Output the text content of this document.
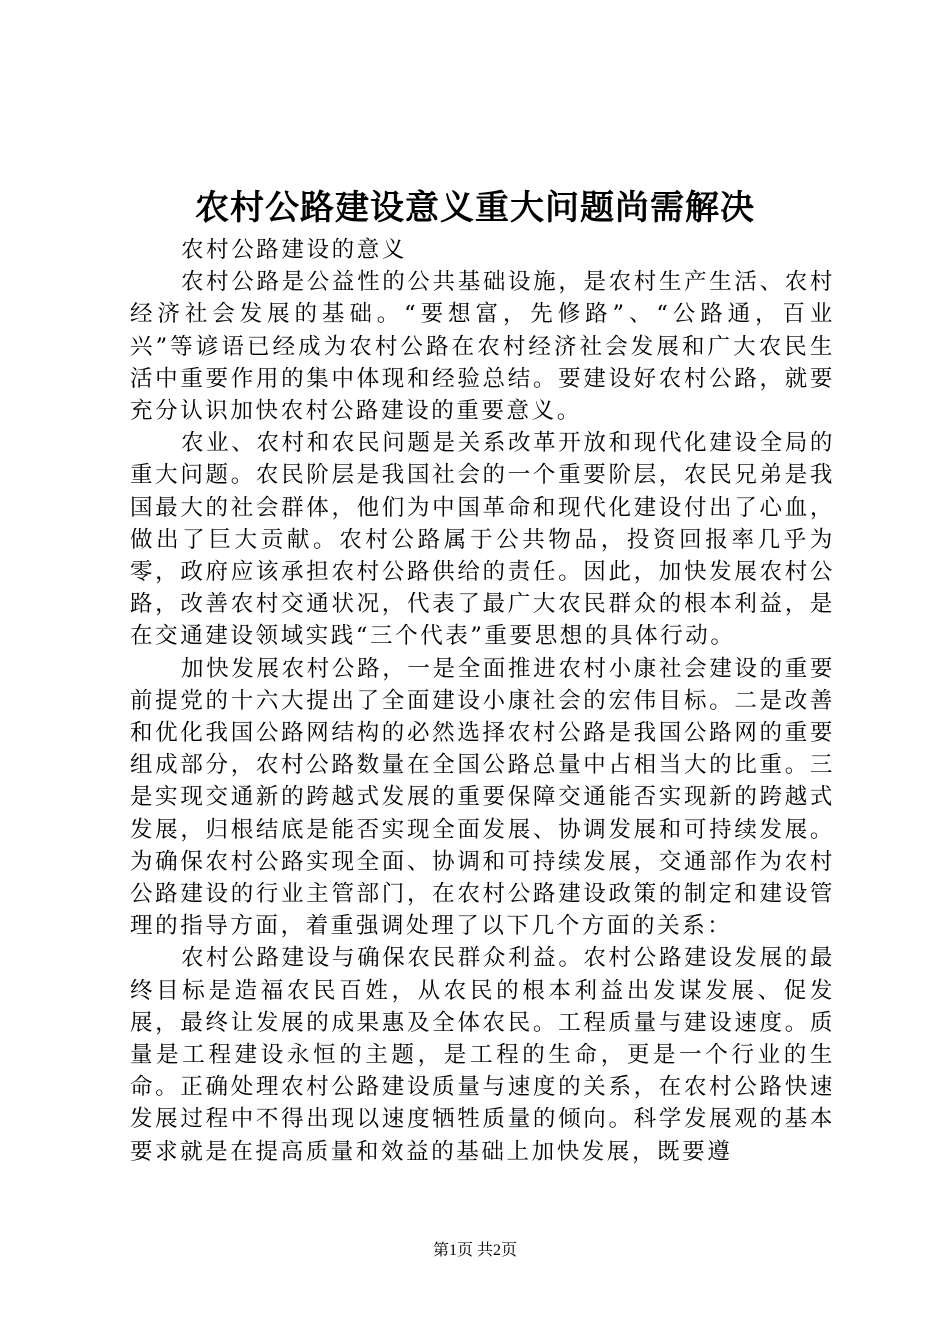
农村公路建设意义重大问题尚需解决

农村公路建设的意义

农村公路是公益性的公共基础设施，是农村生产生活、农村经济社会发展的基础。“要想富，先修路”、“公路通，百业兴”等谚语已经成为农村公路在农村经济社会发展和广大农民生活中重要作用的集中体现和经验总结。要建设好农村公路，就要充分认识加快农村公路建设的重要意义。

农业、农村和农民问题是关系改革开放和现代化建设全局的重大问题。农民阶层是我国社会的一个重要阶层，农民兄弟是我国最大的社会群体，他们为中国革命和现代化建设付出了心血，做出了巨大贡献。农村公路属于公共物品，投资回报率几乎为零，政府应该承担农村公路供给的责任。因此，加快发展农村公路，改善农村交通状况，代表了最广大农民群众的根本利益，是在交通建设领域实践“三个代表”重要思想的具体行动。

加快发展农村公路，一是全面推进农村小康社会建设的重要前提党的十六大提出了全面建设小康社会的宏伟目标。二是改善和优化我国公路网结构的必然选择农村公路是我国公路网的重要组成部分，农村公路数量在全国公路总量中占相当大的比重。三是实现交通新的跨越式发展的重要保障交通能否实现新的跨越式发展，归根结底是能否实现全面发展、协调发展和可持续发展。为确保农村公路实现全面、协调和可持续发展，交通部作为农村公路建设的行业主管部门，在农村公路建设政策的制定和建设管理的指导方面，着重强调处理了以下几个方面的关系：

农村公路建设与确保农民群众利益。农村公路建设发展的最终目标是造福农民百姓，从农民的根本利益出发谋发展、促发展，最终让发展的成果惠及全体农民。工程质量与建设速度。质量是工程建设永恒的主题，是工程的生命，更是一个行业的生命。正确处理农村公路建设质量与速度的关系，在农村公路快速发展过程中不得出现以速度牺牲质量的倾向。科学发展观的基本要求就是在提高质量和效益的基础上加快发展，既要遵

第1页 共2页
